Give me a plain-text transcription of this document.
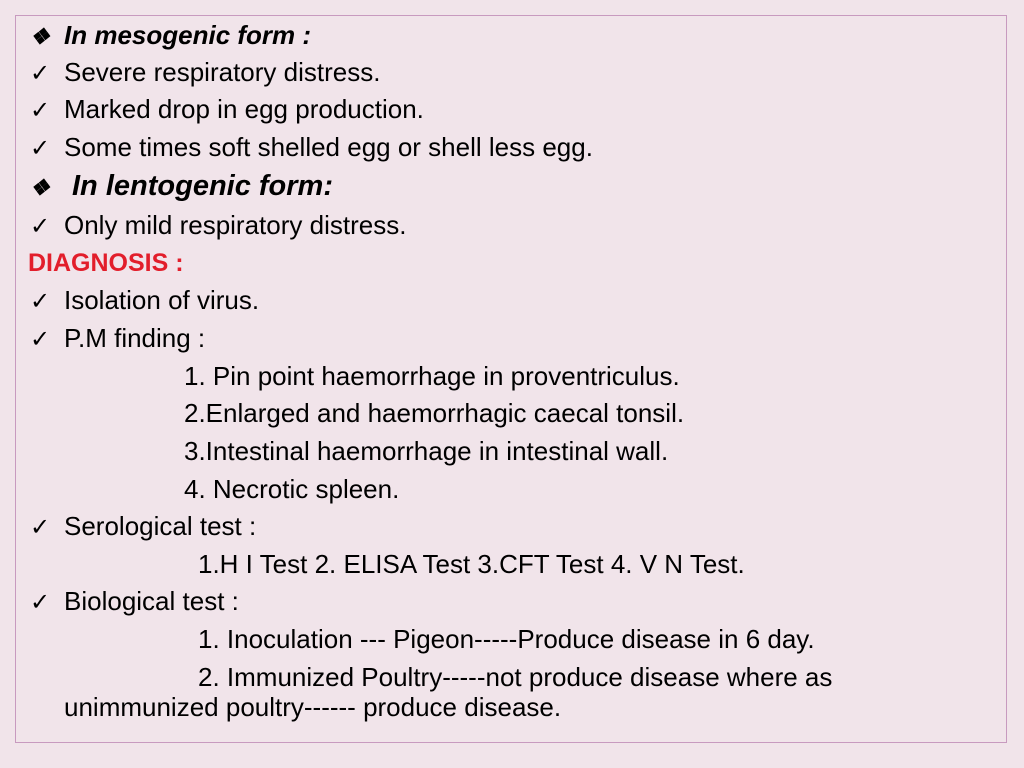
❖ In mesogenic form :
✓ Severe respiratory distress.
✓ Marked drop in egg production.
✓ Some times soft shelled egg or shell less egg.
❖ In lentogenic form:
✓ Only mild respiratory distress.
DIAGNOSIS :
✓ Isolation of virus.
✓ P.M finding :
1. Pin point haemorrhage in proventriculus.
2.Enlarged and haemorrhagic caecal tonsil.
3.Intestinal haemorrhage in intestinal wall.
4. Necrotic spleen.
✓ Serological test :
1.H I Test 2. ELISA Test 3.CFT Test 4. V N Test.
✓ Biological test :
1. Inoculation --- Pigeon-----Produce disease in 6 day.
2. Immunized Poultry-----not produce disease where as
unimmunized poultry------ produce disease.
